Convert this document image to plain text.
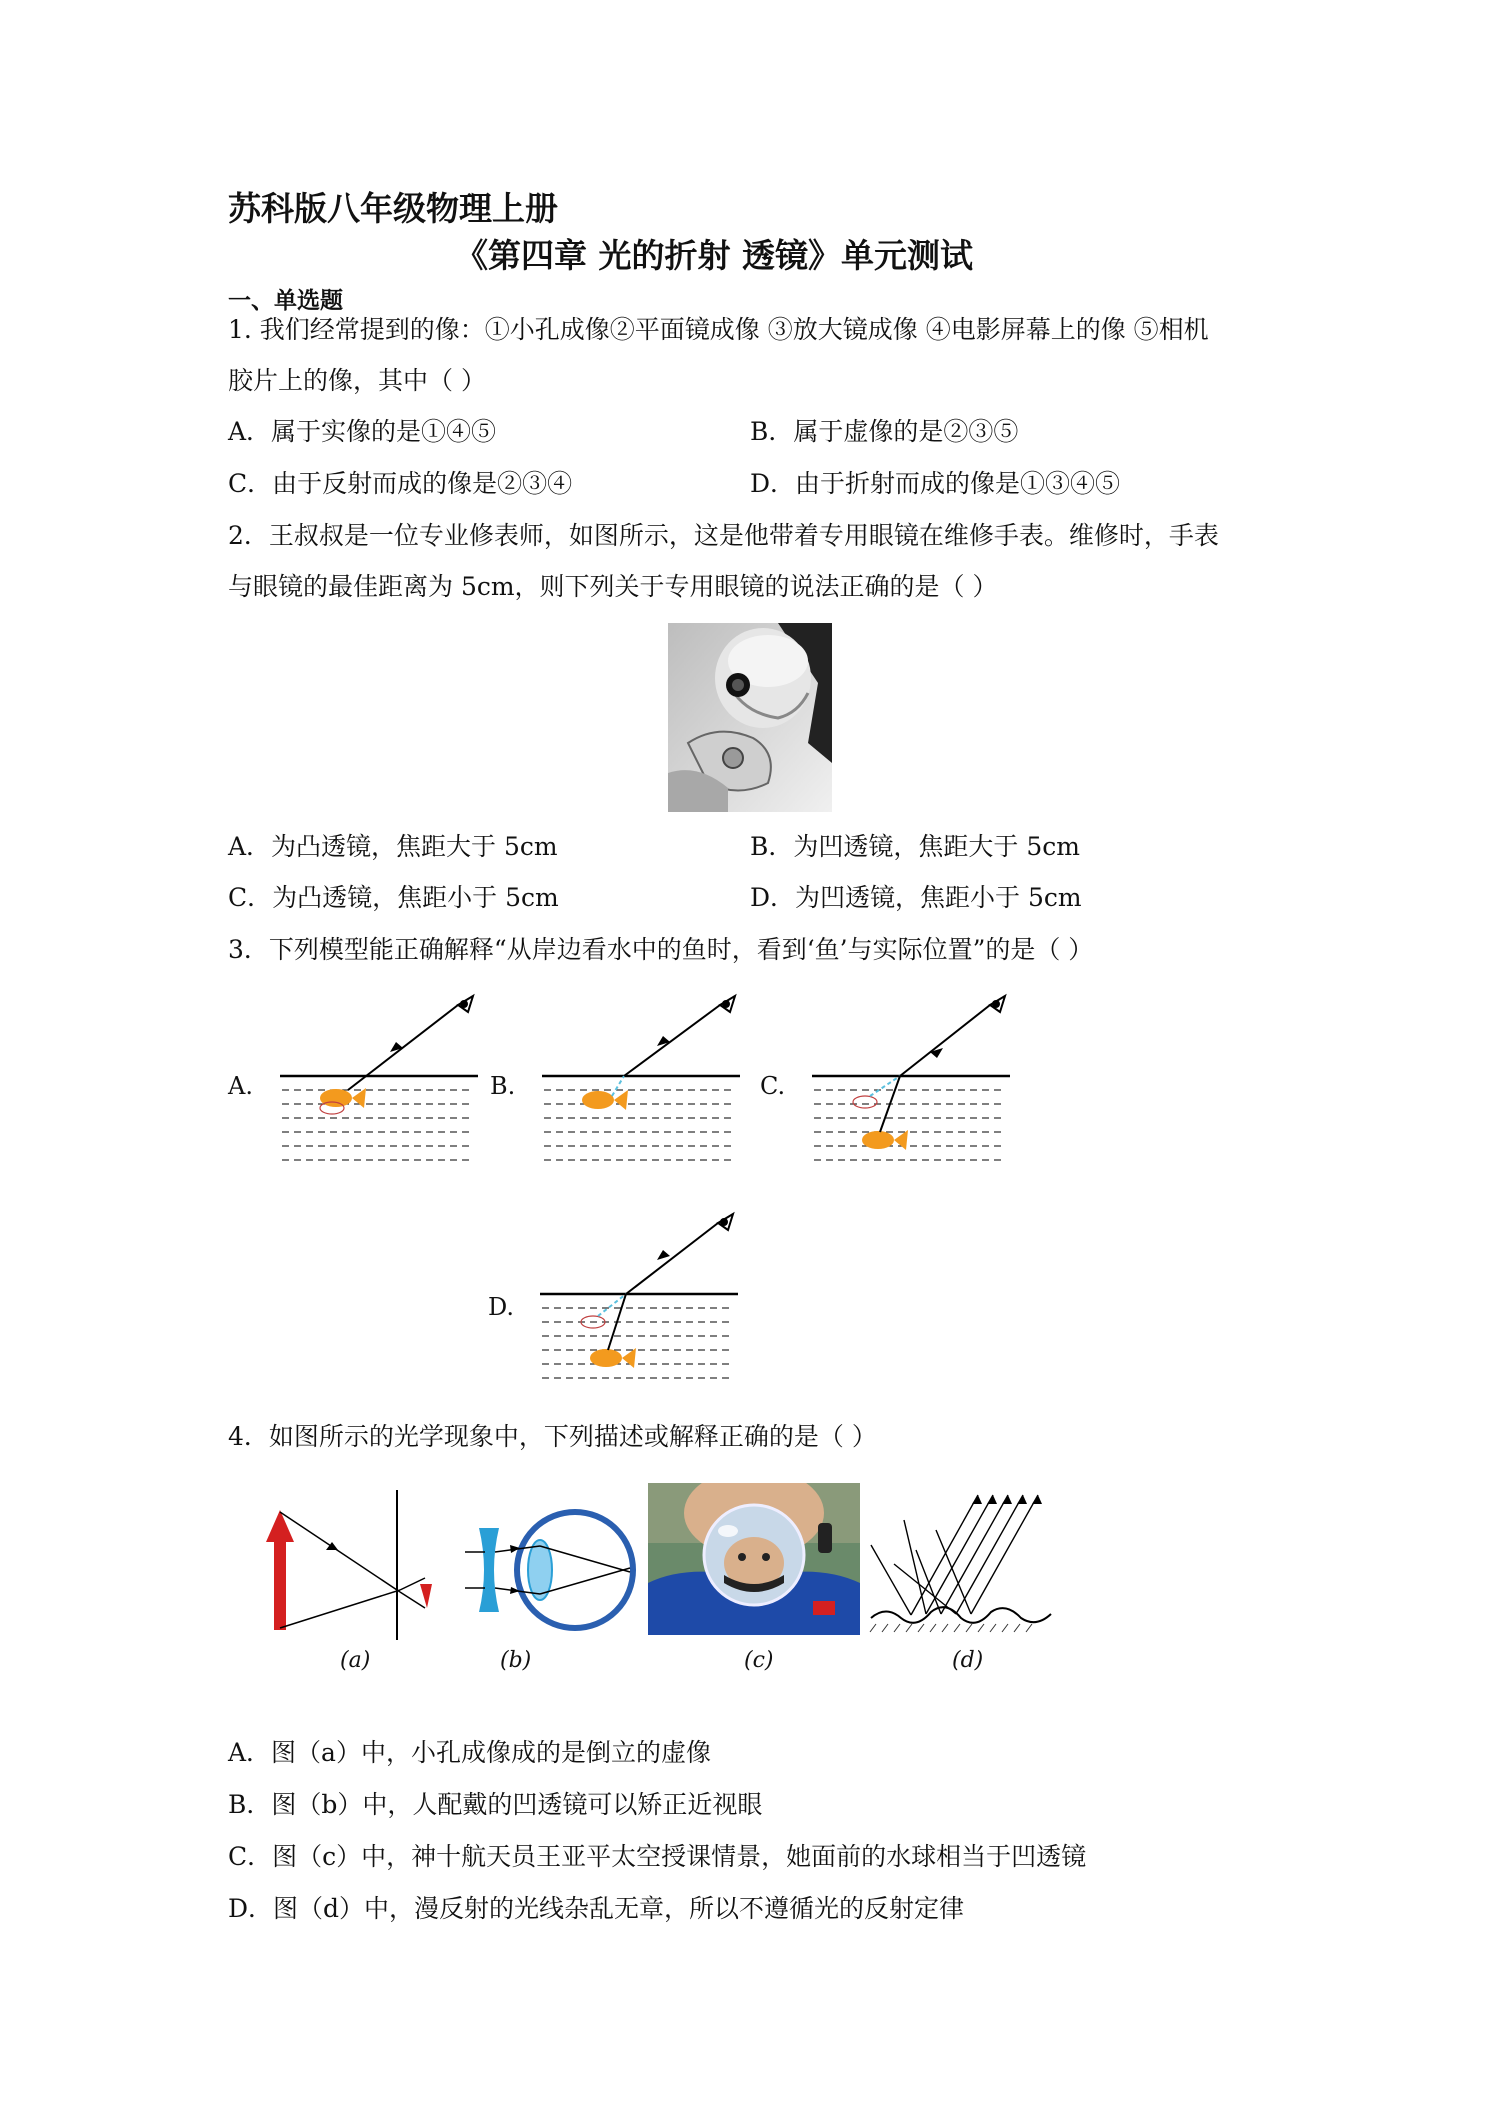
苏科版八年级物理上册
《第四章 光的折射 透镜》单元测试
一、单选题
1. 我们经常提到的像：①小孔成像②平面镜成像 ③放大镜成像 ④电影屏幕上的像 ⑤相机
胶片上的像，其中（ ）
A．属于实像的是①④⑤	B．属于虚像的是②③⑤
C．由于反射而成的像是②③④	D．由于折射而成的像是①③④⑤
2．王叔叔是一位专业修表师，如图所示，这是他带着专用眼镜在维修手表。维修时，手表
与眼镜的最佳距离为 5cm，则下列关于专用眼镜的说法正确的是（ ）
A．为凸透镜，焦距大于 5cm	B．为凹透镜，焦距大于 5cm
C．为凸透镜，焦距小于 5cm	D．为凹透镜，焦距小于 5cm
3．下列模型能正确解释“从岸边看水中的鱼时，看到‘鱼’与实际位置”的是（ ）
A.	B.	C.
D.
4．如图所示的光学现象中，下列描述或解释正确的是（ ）
(a)	(b)	(c)	(d)
A．图（a）中，小孔成像成的是倒立的虚像
B．图（b）中，人配戴的凹透镜可以矫正近视眼
C．图（c）中，神十航天员王亚平太空授课情景，她面前的水球相当于凹透镜
D．图（d）中，漫反射的光线杂乱无章，所以不遵循光的反射定律
